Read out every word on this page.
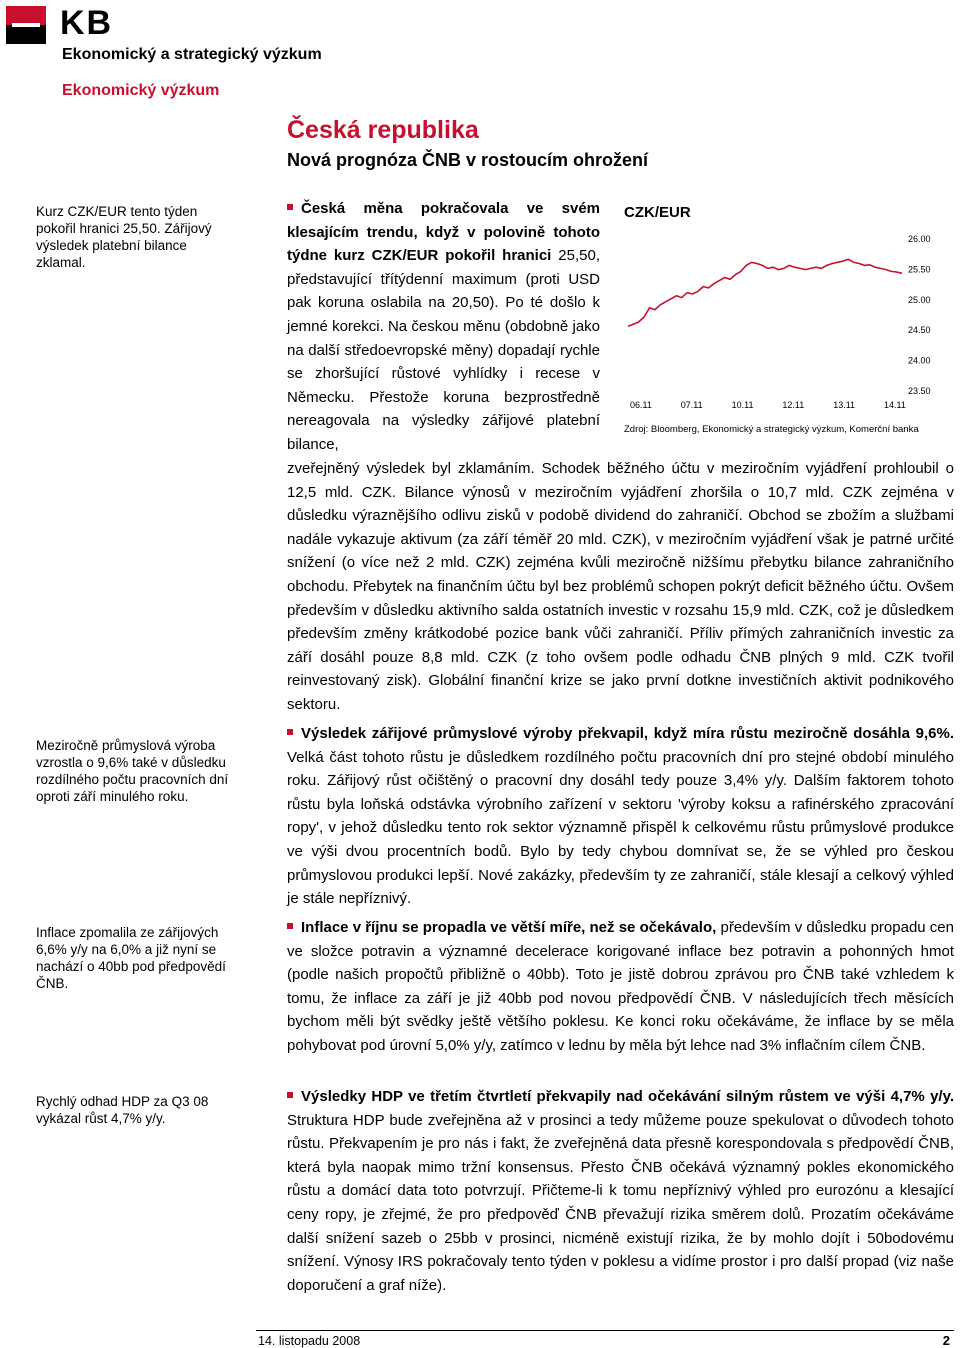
KB
Ekonomický a strategický výzkum
Ekonomický výzkum
Česká republika
Nová prognóza ČNB v rostoucím ohrožení
Kurz CZK/EUR tento týden pokořil hranici 25,50. Zářijový výsledek platební bilance zklamal.
Meziročně průmyslová výroba vzrostla o 9,6% také v důsledku rozdílného počtu pracovních dní oproti září minulého roku.
Inflace zpomalila ze zářijových 6,6% y/y na 6,0% a již nyní se nachází o 40bb pod předpovědí ČNB.
Rychlý odhad HDP za Q3 08 vykázal růst 4,7% y/y.

Česká měna pokračovala ve svém klesajícím trendu, když v polovině tohoto týdne kurz CZK/EUR pokořil hranici 25,50, představující třítýdenní maximum (proti USD pak koruna oslabila na 20,50). Po té došlo k jemné korekci. Na českou měnu (obdobně jako na další středoevropské měny) dopadají rychle se zhoršující růstové vyhlídky i recese v Německu. Přestože koruna bezprostředně nereagovala na výsledky zářijové platební bilance,

zveřejněný výsledek byl zklamáním. Schodek běžného účtu v meziročním vyjádření prohloubil o 12,5 mld. CZK. Bilance výnosů v meziročním vyjádření zhoršila o 10,7 mld. CZK zejména v důsledku výraznějšího odlivu zisků v podobě dividend do zahraničí. Obchod se zbožím a službami nadále vykazuje aktivum (za září téměř 20 mld. CZK), v meziročním vyjádření však je patrné určité snížení (o více než 2 mld. CZK) zejména kvůli meziročně nižšímu přebytku bilance zahraničního obchodu. Přebytek na finančním účtu byl bez problémů schopen pokrýt deficit běžného účtu. Ovšem především v důsledku aktivního salda ostatních investic v rozsahu 15,9 mld. CZK, což je důsledkem především změny krátkodobé pozice bank vůči zahraničí. Příliv přímých zahraničních investic za září dosáhl pouze 8,8 mld. CZK (z toho ovšem podle odhadu ČNB plných 9 mld. CZK tvořil reinvestovaný zisk). Globální finanční krize se jako první dotkne investičních aktivit podnikového sektoru.

Výsledek zářijové průmyslové výroby překvapil, když míra růstu meziročně dosáhla 9,6%. Velká část tohoto růstu je důsledkem rozdílného počtu pracovních dní pro stejné období minulého roku. Zářijový růst očištěný o pracovní dny dosáhl tedy pouze 3,4% y/y. Dalším faktorem tohoto růstu byla loňská odstávka výrobního zařízení v sektoru 'výroby koksu a rafinérského zpracování ropy', v jehož důsledku tento rok sektor významně přispěl k celkovému růstu průmyslové produkce ve výši dvou procentních bodů. Bylo by tedy chybou domnívat se, že se výhled pro českou průmyslovou produkci lepší. Nové zakázky, především ty ze zahraničí, stále klesají a celkový výhled je stále nepříznivý.

Inflace v říjnu se propadla ve větší míře, než se očekávalo, především v důsledku propadu cen ve složce potravin a významné decelerace korigované inflace bez potravin a pohonných hmot (podle našich propočtů přibližně o 40bb). Toto je jistě dobrou zprávou pro ČNB také vzhledem k tomu, že inflace za září je již 40bb pod novou předpovědí ČNB. V následujících třech měsících bychom měli být svědky ještě většího poklesu. Ke konci roku očekáváme, že inflace by se měla pohybovat pod úrovní 5,0% y/y, zatímco v lednu by měla být lehce nad 3% inflačním cílem ČNB.

Výsledky HDP ve třetím čtvrtletí překvapily nad očekávání silným růstem ve výši 4,7% y/y. Struktura HDP bude zveřejněna až v prosinci a tedy můžeme pouze spekulovat o důvodech tohoto růstu. Překvapením je pro nás i fakt, že zveřejněná data přesně korespondovala s předpovědí ČNB, která byla naopak mimo tržní konsensus. Přesto ČNB očekává významný pokles ekonomického růstu a domácí data toto potvrzují. Přičteme-li k tomu nepříznivý výhled pro eurozónu a klesající ceny ropy, je zřejmé, že pro předpověď ČNB převažují rizika směrem dolů. Prozatím očekáváme další snížení sazeb o 25bb v prosinci, nicméně existují rizika, že by mohlo dojít i 50bodovému snížení. Výnosy IRS pokračovaly tento týden v poklesu a vidíme prostor i pro další propad (viz naše doporučení a graf níže).

CZK/EUR
26.00
25.50
25.00
24.50
24.00
23.50
06.11	07.11	10.11	12.11	13.11	14.11
Zdroj: Bloomberg, Ekonomický a strategický výzkum, Komerční banka
14. listopadu 2008	2
